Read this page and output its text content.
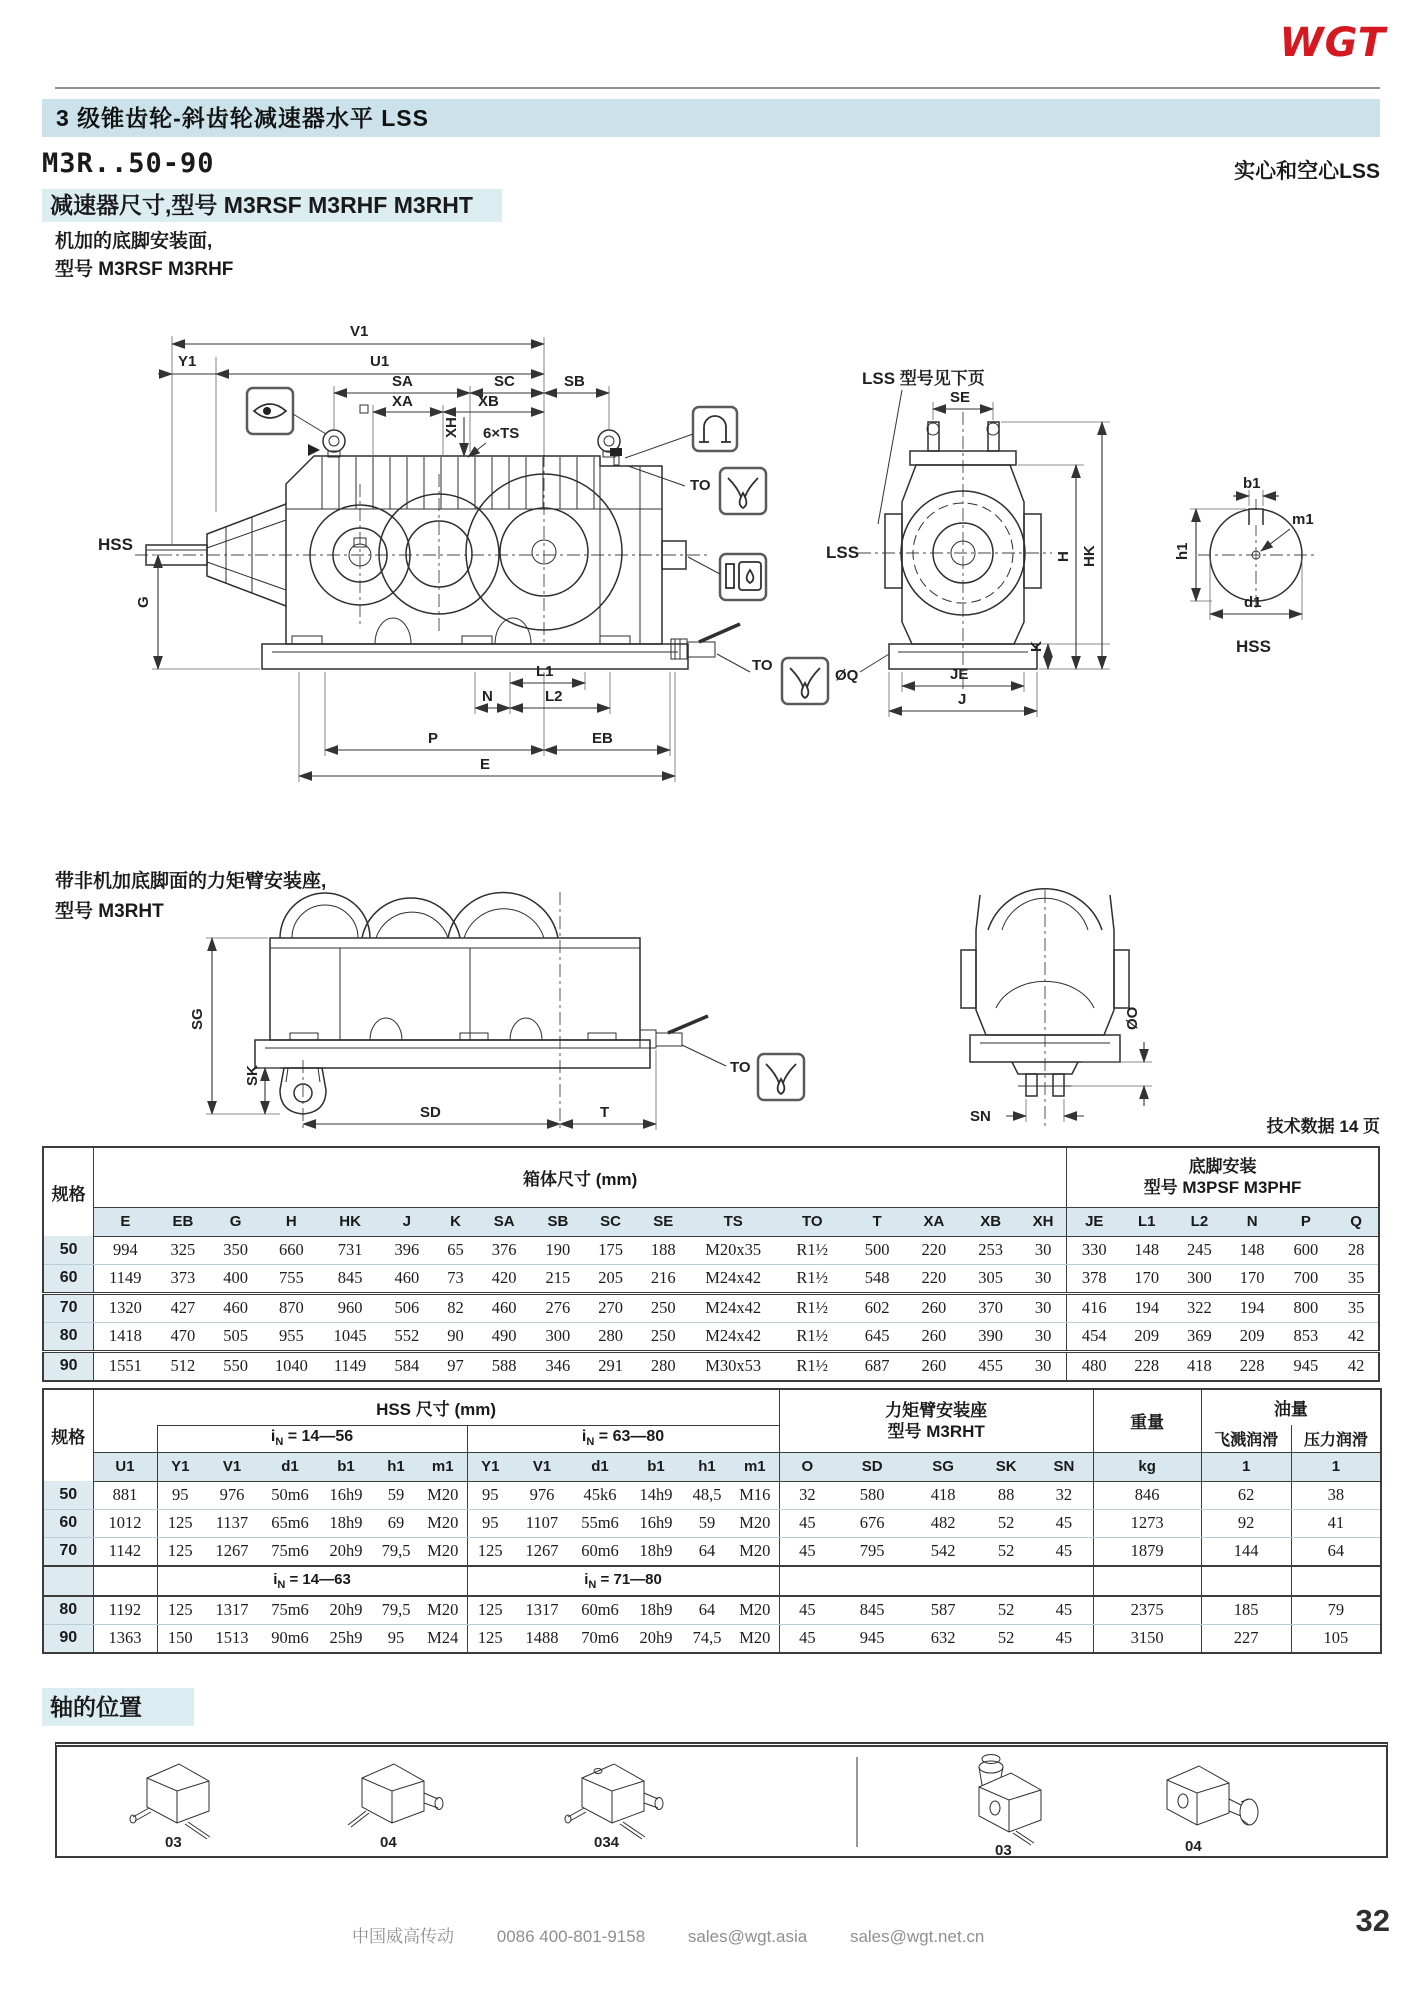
WGT
3 级锥齿轮-斜齿轮减速器水平 LSS
M3R..50-90	实心和空心LSS
减速器尺寸,型号 M3RSF M3RHF M3RHT
机加的底脚安装面,
型号 M3RSF M3RHF
V1
Y1	U1
SA	SC	SB
XA	XB
XH 6×TS
G
HSS
L1
N	L2
P	EB
E
TO
TO
LSS 型号见下页
LSS
SE
K
H HK
JE
J
ØQ
b1
m1
h1
d1
HSS
带非机加底脚面的力矩臂安装座,
型号 M3RHT
TO
SG
SK
SD	T
ØO
SN
技术数据 14 页
规格	箱体尺寸 (mm)																	底脚安装
型号 M3PSF M3PHF					

	E	EB	G	H	HK	J	K	SA	SB	SC	SE	TS	TO	T	XA	XB	XH	JE	L1	L2	N	P	Q
50	994	325	350	660	731	396	65	376	190	175	188	M20x35	R1½	500	220	253	30	330	148	245	148	600	28
60	1149	373	400	755	845	460	73	420	215	205	216	M24x42	R1½	548	220	305	30	378	170	300	170	700	35
70	1320	427	460	870	960	506	82	460	276	270	250	M24x42	R1½	602	260	370	30	416	194	322	194	800	35
80	1418	470	505	955	1045	552	90	490	300	280	250	M24x42	R1½	645	260	390	30	454	209	369	209	853	42
90	1551	512	550	1040	1149	584	97	588	346	291	280	M30x53	R1½	687	260	455	30	480	228	418	228	945	42
规格	HSS 尺寸 (mm)													力矩臂安装座
型号 M3RHT					重量	油量	
		$i_N$ = 14—56						$i_N$ = 63—80												飞溅润滑	压力润滑
	U1	Y1	V1	d1	b1	h1	m1	Y1	V1	d1	b1	h1	m1	O	SD	SG	SK	SN	kg	1	1
50	881	95	976	50m6	16h9	59	M20	95	976	45k6	14h9	48,5	M16	32	580	418	88	32	846	62	38
60	1012	125	1137	65m6	18h9	69	M20	95	1107	55m6	16h9	59	M20	45	676	482	52	45	1273	92	41
70	1142	125	1267	75m6	20h9	79,5	M20	125	1267	60m6	18h9	64	M20	45	795	542	52	45	1879	144	64
		$i_N$ = 14—63						$i_N$ = 71—80													
80	1192	125	1317	75m6	20h9	79,5	M20	125	1317	60m6	18h9	64	M20	45	845	587	52	45	2375	185	79
90	1363	150	1513	90m6	25h9	95	M24	125	1488	70m6	20h9	74,5	M20	45	945	632	52	45	3150	227	105
轴的位置
03	04	034	03	04
中国威高传动	0086 400-801-9158	sales@wgt.asia	sales@wgt.net.cn	32
